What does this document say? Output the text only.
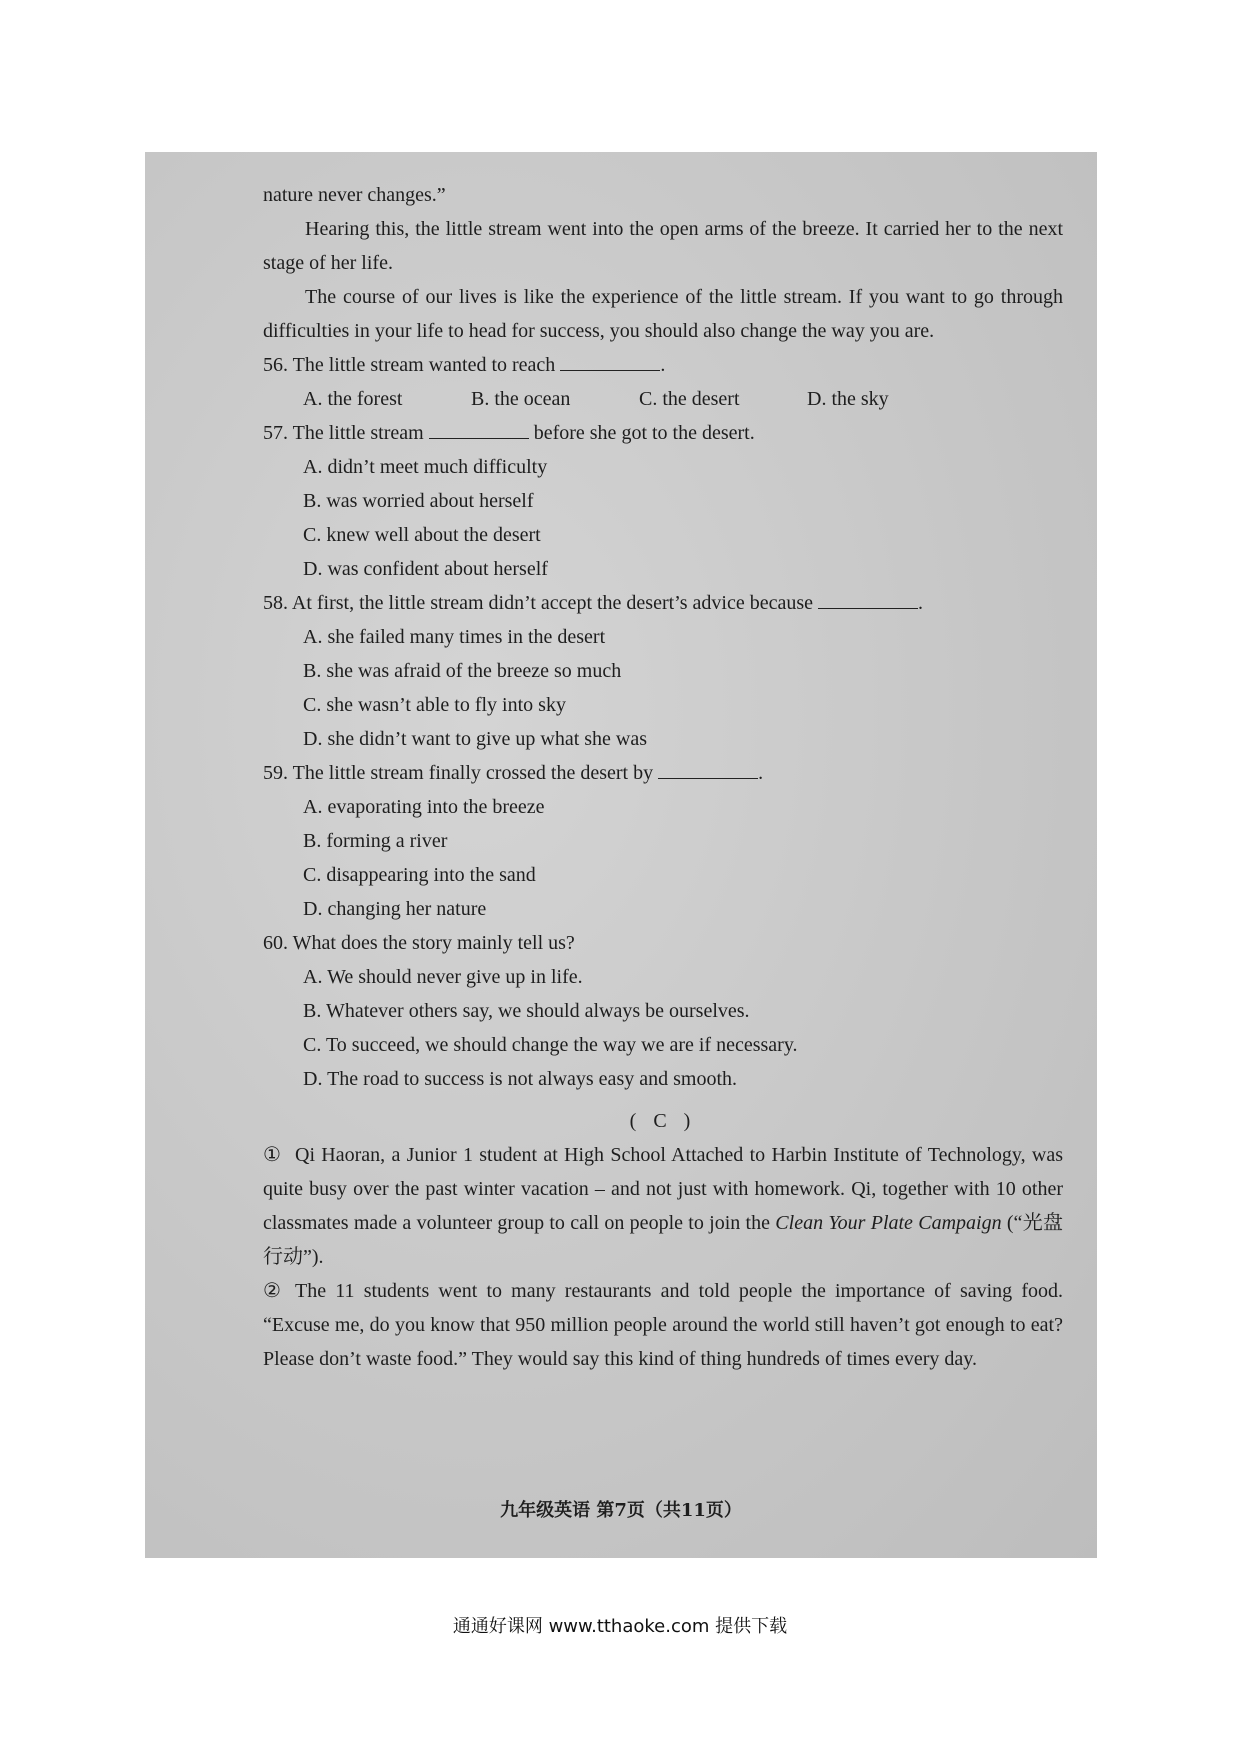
nature never changes.”

Hearing this, the little stream went into the open arms of the breeze. It carried her to the next stage of her life.

The course of our lives is like the experience of the little stream. If you want to go through difficulties in your life to head for success, you should also change the way you are.

56. The little stream wanted to reach	.

A. the forest	B. the ocean	C. the desert	D. the sky

57. The little stream	before she got to the desert.

A. didn’t meet much difficulty

B. was worried about herself

C. knew well about the desert

D. was confident about herself

58. At first, the little stream didn’t accept the desert’s advice because	.

A. she failed many times in the desert

B. she was afraid of the breeze so much

C. she wasn’t able to fly into sky

D. she didn’t want to give up what she was

59. The little stream finally crossed the desert by	.

A. evaporating into the breeze

B. forming a river

C. disappearing into the sand

D. changing her nature

60. What does the story mainly tell us?

A. We should never give up in life.

B. Whatever others say, we should always be ourselves.

C. To succeed, we should change the way we are if necessary.

D. The road to success is not always easy and smooth.

( C )

① Qi Haoran, a Junior 1 student at High School Attached to Harbin Institute of Technology, was quite busy over the past winter vacation – and not just with homework. Qi, together with 10 other classmates made a volunteer group to call on people to join the Clean Your Plate Campaign (“光盘行动”).

② The 11 students went to many restaurants and told people the importance of saving food. “Excuse me, do you know that 950 million people around the world still haven’t got enough to eat? Please don’t waste food.” They would say this kind of thing hundreds of times every day.

九年级英语 第7页（共11页）
通通好课网 www.tthaoke.com 提供下载
